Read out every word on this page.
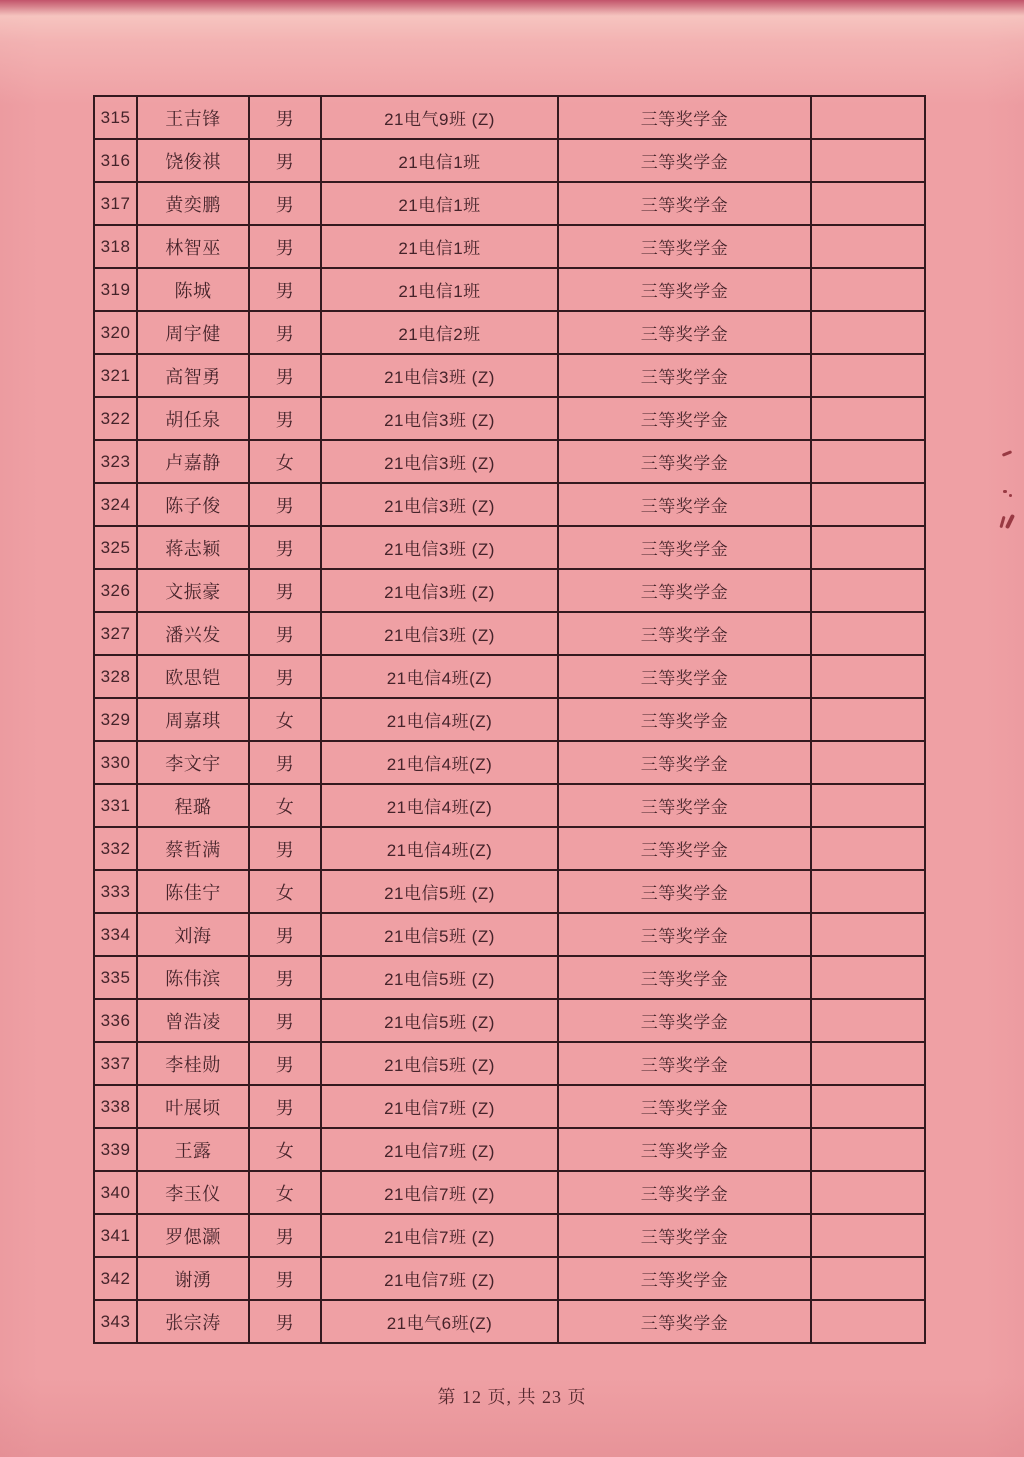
315	王吉锋	男	21电气9班 (Z)	三等奖学金	
316	饶俊祺	男	21电信1班	三等奖学金	
317	黄奕鹏	男	21电信1班	三等奖学金	
318	林智巫	男	21电信1班	三等奖学金	
319	陈城	男	21电信1班	三等奖学金	
320	周宇健	男	21电信2班	三等奖学金	
321	高智勇	男	21电信3班 (Z)	三等奖学金	
322	胡任泉	男	21电信3班 (Z)	三等奖学金	
323	卢嘉静	女	21电信3班 (Z)	三等奖学金	
324	陈子俊	男	21电信3班 (Z)	三等奖学金	
325	蒋志颖	男	21电信3班 (Z)	三等奖学金	
326	文振豪	男	21电信3班 (Z)	三等奖学金	
327	潘兴发	男	21电信3班 (Z)	三等奖学金	
328	欧思铠	男	21电信4班(Z)	三等奖学金	
329	周嘉琪	女	21电信4班(Z)	三等奖学金	
330	李文宇	男	21电信4班(Z)	三等奖学金	
331	程璐	女	21电信4班(Z)	三等奖学金	
332	蔡哲满	男	21电信4班(Z)	三等奖学金	
333	陈佳宁	女	21电信5班 (Z)	三等奖学金	
334	刘海	男	21电信5班 (Z)	三等奖学金	
335	陈伟滨	男	21电信5班 (Z)	三等奖学金	
336	曾浩凌	男	21电信5班 (Z)	三等奖学金	
337	李桂勋	男	21电信5班 (Z)	三等奖学金	
338	叶展顷	男	21电信7班 (Z)	三等奖学金	
339	王露	女	21电信7班 (Z)	三等奖学金	
340	李玉仪	女	21电信7班 (Z)	三等奖学金	
341	罗偲灏	男	21电信7班 (Z)	三等奖学金	
342	谢湧	男	21电信7班 (Z)	三等奖学金	
343	张宗涛	男	21电气6班(Z)	三等奖学金	
第 12 页, 共 23 页
